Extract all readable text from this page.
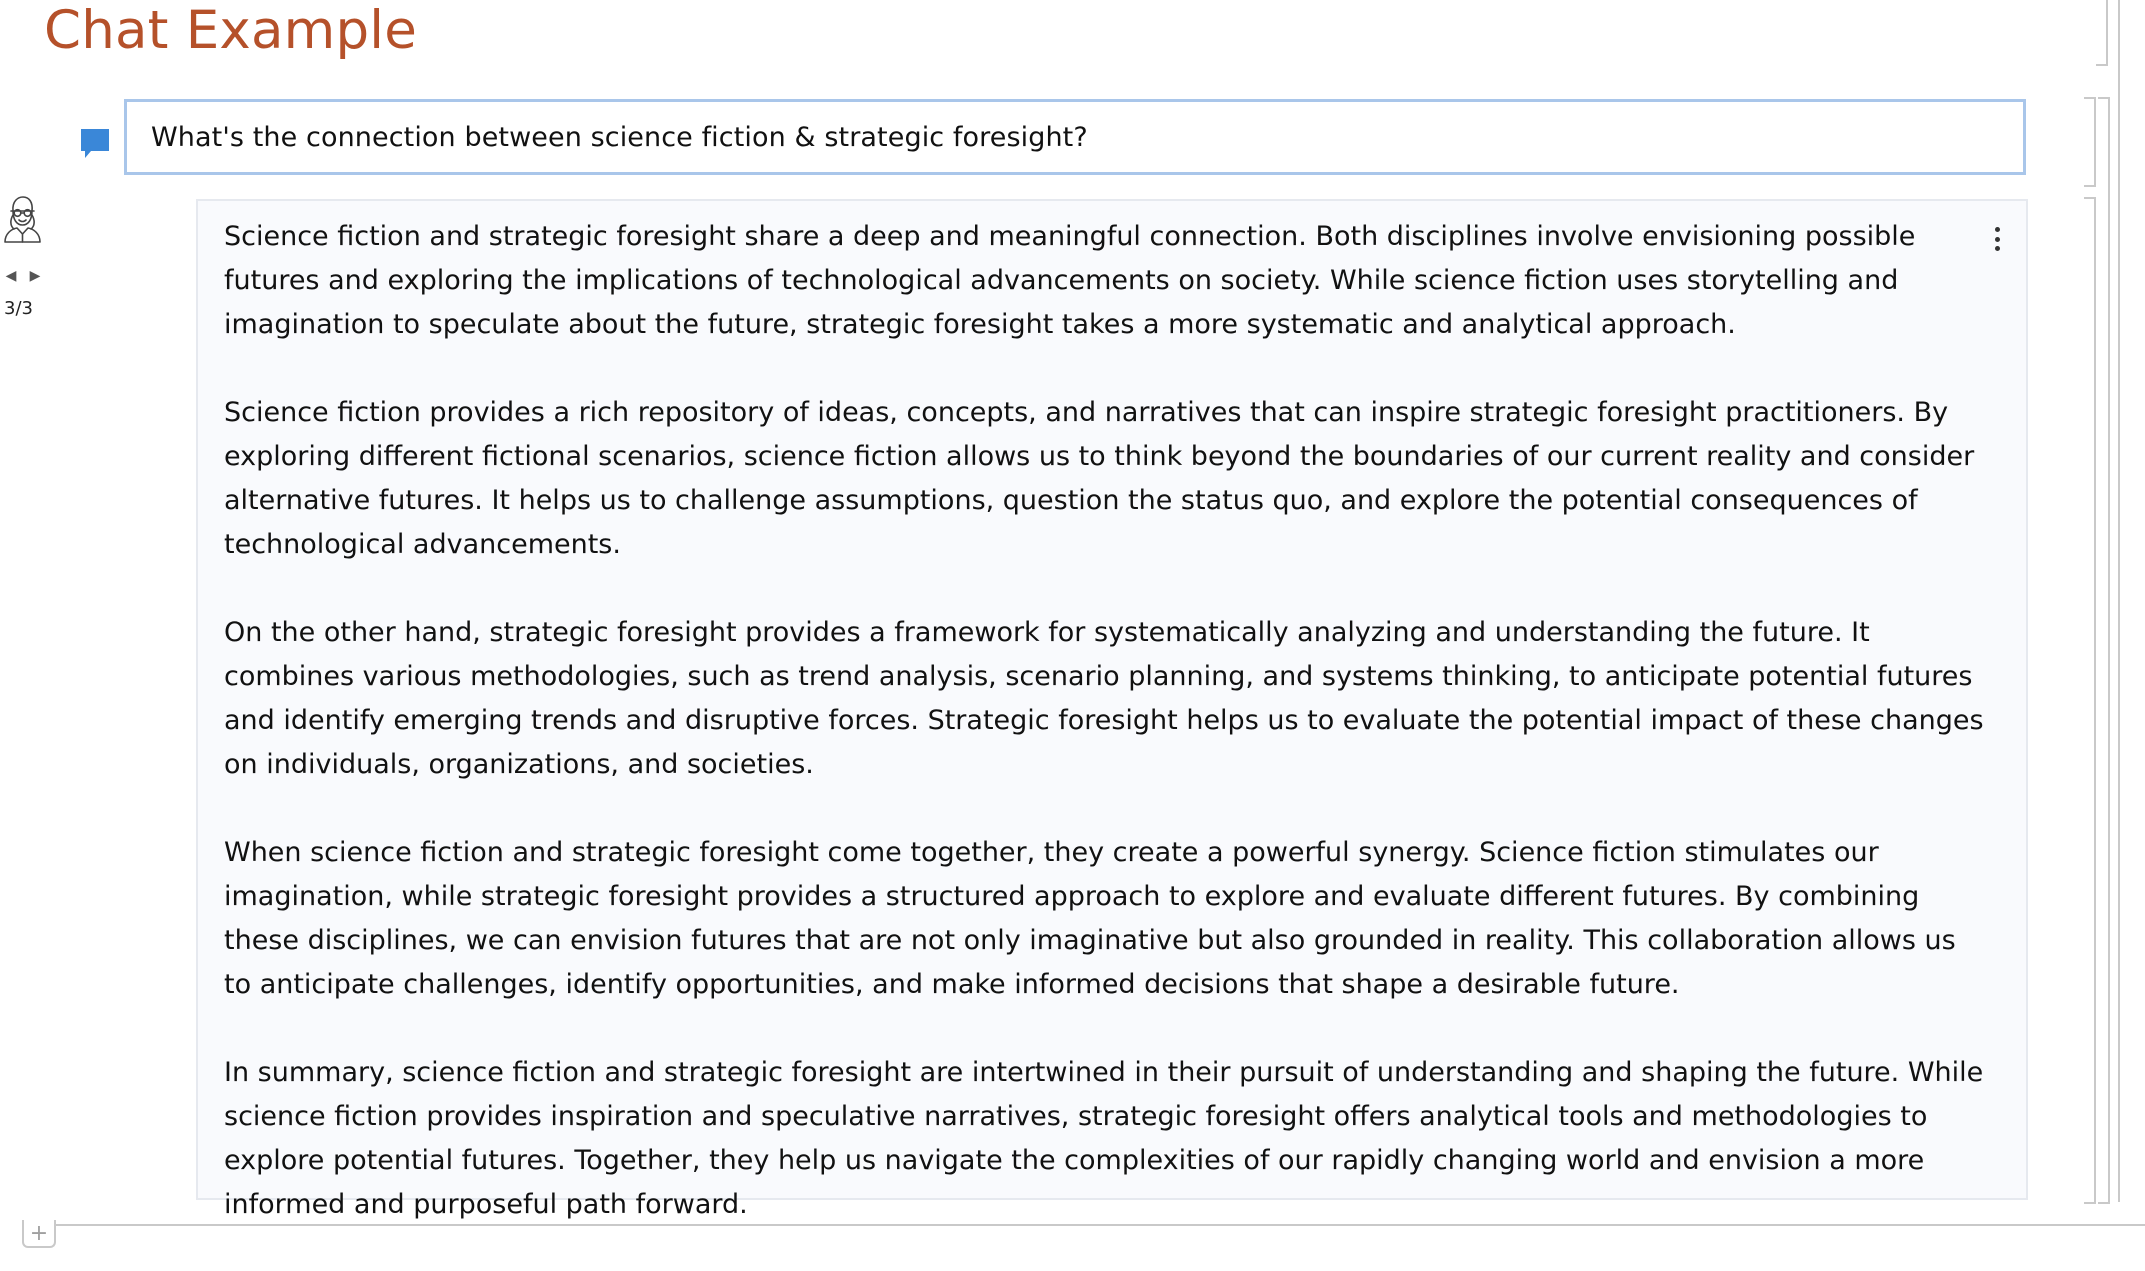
Chat Example
What's the connection between science fiction & strategic foresight?
◀ ▶
3/3

Science fiction and strategic foresight share a deep and meaningful connection. Both disciplines involve envisioning possible futures and exploring the implications of technological advancements on society. While science fiction uses storytelling and imagination to speculate about the future, strategic foresight takes a more systematic and analytical approach.

Science fiction provides a rich repository of ideas, concepts, and narratives that can inspire strategic foresight practitioners. By exploring different fictional scenarios, science fiction allows us to think beyond the boundaries of our current reality and consider alternative futures. It helps us to challenge assumptions, question the status quo, and explore the potential consequences of technological advancements.

On the other hand, strategic foresight provides a framework for systematically analyzing and understanding the future. It combines various methodologies, such as trend analysis, scenario planning, and systems thinking, to anticipate potential futures and identify emerging trends and disruptive forces. Strategic foresight helps us to evaluate the potential impact of these changes on individuals, organizations, and societies.

When science fiction and strategic foresight come together, they create a powerful synergy. Science fiction stimulates our imagination, while strategic foresight provides a structured approach to explore and evaluate different futures. By combining these disciplines, we can envision futures that are not only imaginative but also grounded in reality. This collaboration allows us to anticipate challenges, identify opportunities, and make informed decisions that shape a desirable future.

In summary, science fiction and strategic foresight are intertwined in their pursuit of understanding and shaping the future. While science fiction provides inspiration and speculative narratives, strategic foresight offers analytical tools and methodologies to explore potential futures. Together, they help us navigate the complexities of our rapidly changing world and envision a more informed and purposeful path forward.

+
